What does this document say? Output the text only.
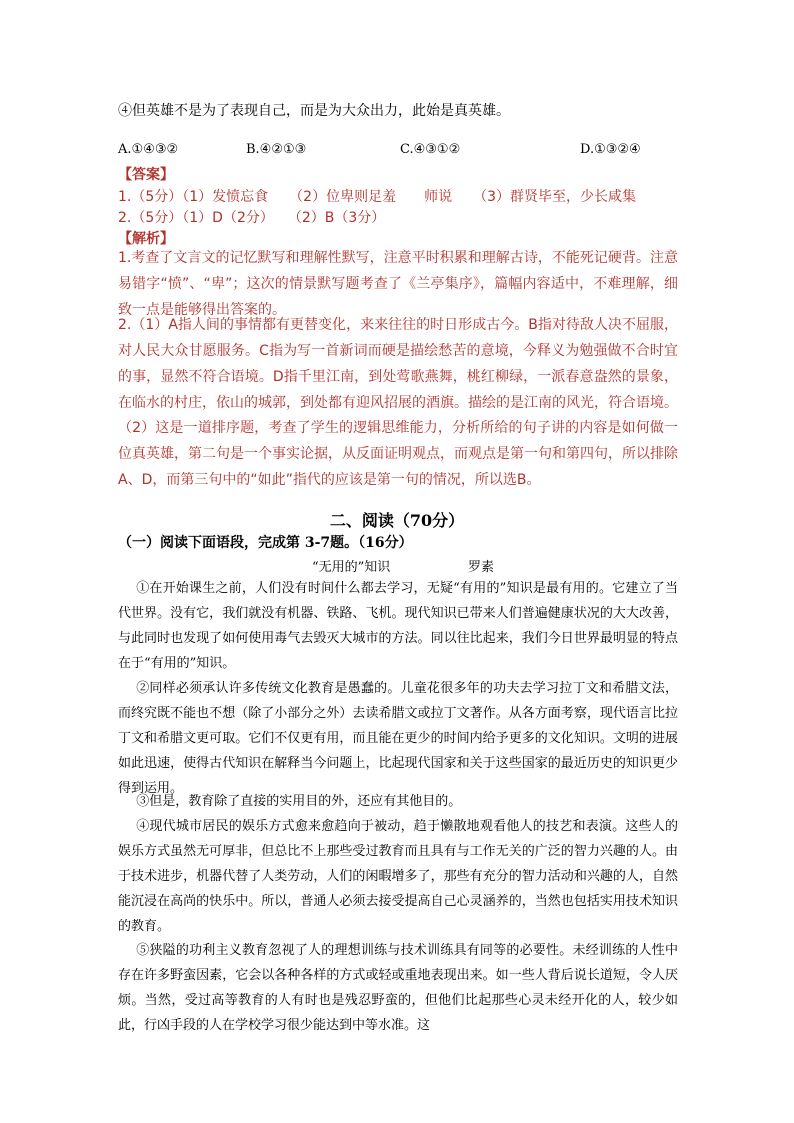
④但英雄不是为了表现自己，而是为大众出力，此始是真英雄。
A.①④③②	B.④②①③	C.④③①②	D.①③②④
【答案】
1.（5分）（1）发愤忘食　　（2）位卑则足羞　　师说　　（3）群贤毕至，少长咸集
2.（5分）（1）D（2分）　　（2）B（3分）
【解析】

1.考查了文言文的记忆默写和理解性默写，注意平时积累和理解古诗，不能死记硬背。注意易错字“愤”、“卑”；这次的情景默写题考查了《兰亭集序》，篇幅内容适中，不难理解，细致一点是能够得出答案的。

2.（1）A指人间的事情都有更替变化，来来往往的时日形成古今。B指对待敌人决不屈服，对人民大众甘愿服务。C指为写一首新词而硬是描绘愁苦的意境，今释义为勉强做不合时宜的事，显然不符合语境。D指千里江南，到处莺歌燕舞，桃红柳绿，一派春意盎然的景象，在临水的村庄，依山的城郭，到处都有迎风招展的酒旗。描绘的是江南的风光，符合语境。

（2）这是一道排序题，考查了学生的逻辑思维能力，分析所给的句子讲的内容是如何做一位真英雄，第二句是一个事实论据，从反面证明观点，而观点是第一句和第四句，所以排除A、D，而第三句中的“如此”指代的应该是第一句的情况，所以选B。

二、阅读（70分）
（一）阅读下面语段，完成第 3-7题。（16分）
“无用的”知识	罗素

①在开始课生之前，人们没有时间什么都去学习，无疑“有用的”知识是最有用的。它建立了当代世界。没有它，我们就没有机器、铁路、飞机。现代知识已带来人们普遍健康状况的大大改善，与此同时也发现了如何使用毒气去毁灭大城市的方法。同以往比起来，我们今日世界最明显的特点在于“有用的”知识。

②同样必须承认许多传统文化教育是愚蠢的。儿童花很多年的功夫去学习拉丁文和希腊文法，而终究既不能也不想（除了小部分之外）去读希腊文或拉丁文著作。从各方面考察，现代语言比拉丁文和希腊文更可取。它们不仅更有用，而且能在更少的时间内给予更多的文化知识。文明的进展如此迅速，使得古代知识在解释当今问题上，比起现代国家和关于这些国家的最近历史的知识更少得到运用。

③但是，教育除了直接的实用目的外，还应有其他目的。

④现代城市居民的娱乐方式愈来愈趋向于被动，趋于懒散地观看他人的技艺和表演。这些人的娱乐方式虽然无可厚非，但总比不上那些受过教育而且具有与工作无关的广泛的智力兴趣的人。由于技术进步，机器代替了人类劳动，人们的闲暇增多了，那些有充分的智力活动和兴趣的人，自然能沉浸在高尚的快乐中。所以，普通人必须去接受提高自己心灵涵养的，当然也包括实用技术知识的教育。

⑤狭隘的功利主义教育忽视了人的理想训练与技术训练具有同等的必要性。未经训练的人性中存在许多野蛮因素，它会以各种各样的方式或轻或重地表现出来。如一些人背后说长道短，令人厌烦。当然，受过高等教育的人有时也是残忍野蛮的，但他们比起那些心灵未经开化的人，较少如此，行凶手段的人在学校学习很少能达到中等水准。这
